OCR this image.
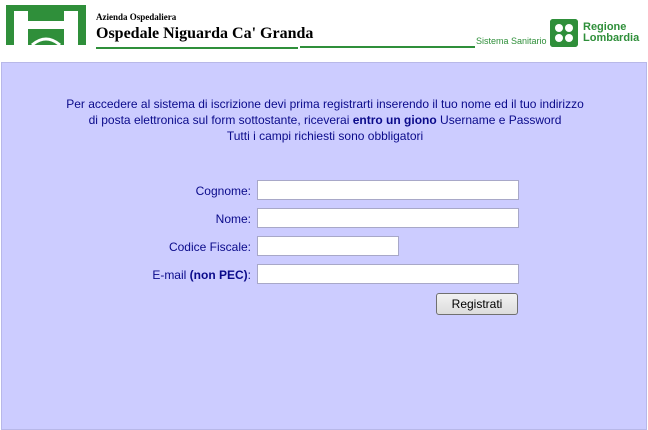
Azienda Ospedaliera
Ospedale Niguarda Ca' Granda	Sistema Sanitario
Regione
Lombardia
Per accedere al sistema di iscrizione devi prima registrarti inserendo il tuo nome ed il tuo indirizzo
di posta elettronica sul form sottostante, riceverai entro un giono Username e Password
Tutti i campi richiesti sono obbligatori
Cognome:
Nome:
Codice Fiscale:
E-mail (non PEC):
Registrati
